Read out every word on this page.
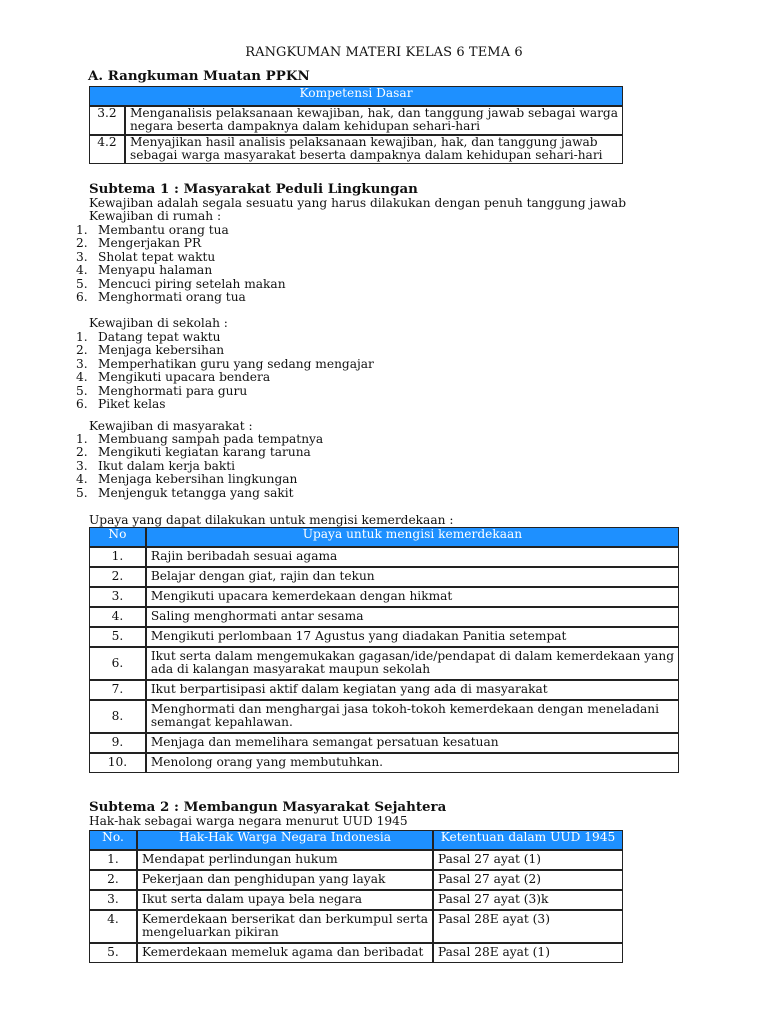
RANGKUMAN MATERI KELAS 6 TEMA 6
A. Rangkuman Muatan PPKN
Kompetensi Dasar	
3.2	Menganalisis pelaksanaan kewajiban, hak, dan tanggung jawab sebagai warga
negara beserta dampaknya dalam kehidupan sehari-hari

4.2	Menyajikan hasil analisis pelaksanaan kewajiban, hak, dan tanggung jawab
sebagai warga masyarakat beserta dampaknya dalam kehidupan sehari-hari
Subtema 1 : Masyarakat Peduli Lingkungan
Kewajiban adalah segala sesuatu yang harus dilakukan dengan penuh tanggung jawab
Kewajiban di rumah :
1. Membantu orang tua
2. Mengerjakan PR
3. Sholat tepat waktu
4. Menyapu halaman
5. Mencuci piring setelah makan
6. Menghormati orang tua
Kewajiban di sekolah :
1. Datang tepat waktu
2. Menjaga kebersihan
3. Memperhatikan guru yang sedang mengajar
4. Mengikuti upacara bendera
5. Menghormati para guru
6. Piket kelas
Kewajiban di masyarakat :
1. Membuang sampah pada tempatnya
2. Mengikuti kegiatan karang taruna
3. Ikut dalam kerja bakti
4. Menjaga kebersihan lingkungan
5. Menjenguk tetangga yang sakit
Upaya yang dapat dilakukan untuk mengisi kemerdekaan :
No	Upaya untuk mengisi kemerdekaan
1.	Rajin beribadah sesuai agama
2.	Belajar dengan giat, rajin dan tekun
3.	Mengikuti upacara kemerdekaan dengan hikmat
4.	Saling menghormati antar sesama
5.	Mengikuti perlombaan 17 Agustus yang diadakan Panitia setempat
6.	Ikut serta dalam mengemukakan gagasan/ide/pendapat di dalam kemerdekaan yang
ada di kalangan masyarakat maupun sekolah

7.	Ikut berpartisipasi aktif dalam kegiatan yang ada di masyarakat
8.	Menghormati dan menghargai jasa tokoh-tokoh kemerdekaan dengan meneladani
semangat kepahlawan.

9.	Menjaga dan memelihara semangat persatuan kesatuan
10.	Menolong orang yang membutuhkan.
Subtema 2 : Membangun Masyarakat Sejahtera
Hak-hak sebagai warga negara menurut UUD 1945
No.	Hak-Hak Warga Negara Indonesia	Ketentuan dalam UUD 1945
1.	Mendapat perlindungan hukum	Pasal 27 ayat (1)
2.	Pekerjaan dan penghidupan yang layak	Pasal 27 ayat (2)
3.	Ikut serta dalam upaya bela negara	Pasal 27 ayat (3)k
4.	Kemerdekaan berserikat dan berkumpul serta
mengeluarkan pikiran	Pasal 28E ayat (3)
5.	Kemerdekaan memeluk agama dan beribadat	Pasal 28E ayat (1)
